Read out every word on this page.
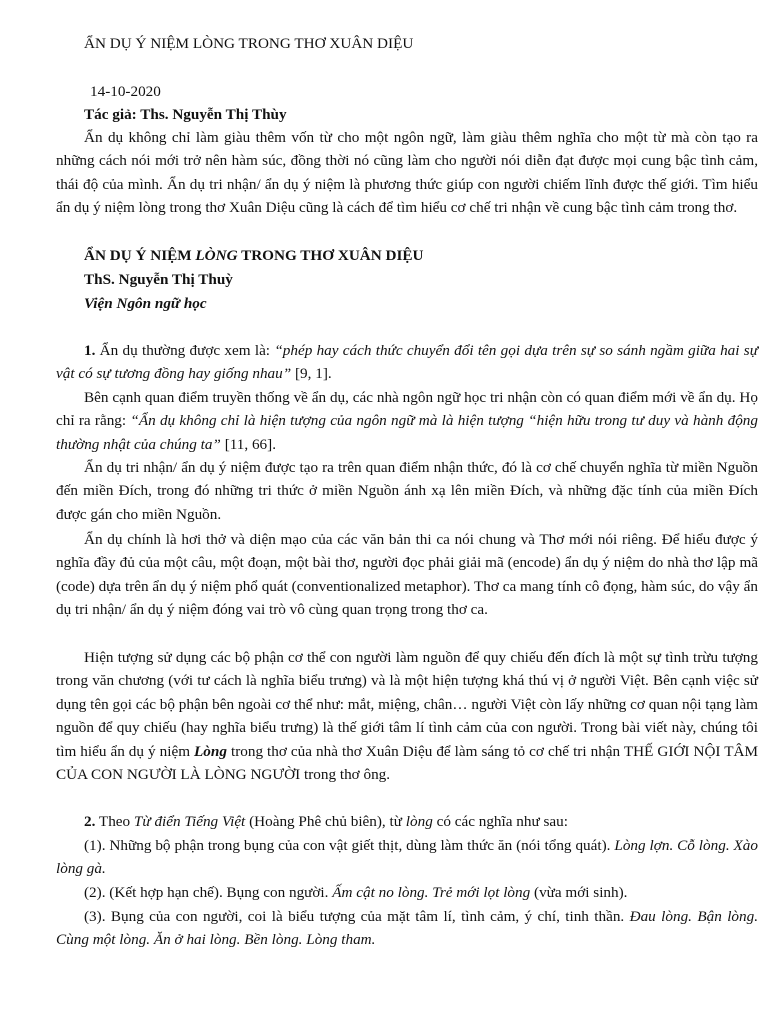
ẨN DỤ Ý NIỆM LÒNG TRONG THƠ XUÂN DIỆU

14-10-2020

Tác giả: Ths. Nguyễn Thị Thùy

Ẩn dụ không chỉ làm giàu thêm vốn từ cho một ngôn ngữ, làm giàu thêm nghĩa cho một từ mà còn tạo ra những cách nói mới trở nên hàm súc, đồng thời nó cũng làm cho người nói diễn đạt được mọi cung bậc tình cảm, thái độ của mình. Ẩn dụ tri nhận/ ẩn dụ ý niệm là phương thức giúp con người chiếm lĩnh được thế giới. Tìm hiểu ẩn dụ ý niệm lòng trong thơ Xuân Diệu cũng là cách để tìm hiểu cơ chế tri nhận về cung bậc tình cảm trong thơ.

ẨN DỤ Ý NIỆM LÒNG TRONG THƠ XUÂN DIỆU

ThS. Nguyễn Thị Thuỳ

Viện Ngôn ngữ học

1. Ẩn dụ thường được xem là: “phép hay cách thức chuyển đổi tên gọi dựa trên sự so sánh ngầm giữa hai sự vật có sự tương đồng hay giống nhau” [9, 1].

Bên cạnh quan điểm truyền thống về ẩn dụ, các nhà ngôn ngữ học tri nhận còn có quan điểm mới về ẩn dụ. Họ chỉ ra rằng: “Ẩn dụ không chỉ là hiện tượng của ngôn ngữ mà là hiện tượng “hiện hữu trong tư duy và hành động thường nhật của chúng ta” [11, 66].

Ẩn dụ tri nhận/ ẩn dụ ý niệm được tạo ra trên quan điểm nhận thức, đó là cơ chế chuyển nghĩa từ miền Nguồn đến miền Đích, trong đó những tri thức ở miền Nguồn ánh xạ lên miền Đích, và những đặc tính của miền Đích được gán cho miền Nguồn.

Ẩn dụ chính là hơi thở và diện mạo của các văn bản thi ca nói chung và Thơ mới nói riêng. Để hiểu được ý nghĩa đầy đủ của một câu, một đoạn, một bài thơ, người đọc phải giải mã (encode) ẩn dụ ý niệm do nhà thơ lập mã (code) dựa trên ẩn dụ ý niệm phổ quát (conventionalized metaphor). Thơ ca mang tính cô đọng, hàm súc, do vậy ẩn dụ tri nhận/ ẩn dụ ý niệm đóng vai trò vô cùng quan trọng trong thơ ca.

Hiện tượng sử dụng các bộ phận cơ thể con người làm nguồn để quy chiếu đến đích là một sự tình trừu tượng trong văn chương (với tư cách là nghĩa biểu trưng) và là một hiện tượng khá thú vị ở người Việt. Bên cạnh việc sử dụng tên gọi các bộ phận bên ngoài cơ thể như: mắt, miệng, chân… người Việt còn lấy những cơ quan nội tạng làm nguồn để quy chiếu (hay nghĩa biểu trưng) là thế giới tâm lí tình cảm của con người. Trong bài viết này, chúng tôi tìm hiểu ẩn dụ ý niệm Lòng trong thơ của nhà thơ Xuân Diệu để làm sáng tỏ cơ chế tri nhận THẾ GIỚI NỘI TÂM CỦA CON NGƯỜI LÀ LÒNG NGƯỜI trong thơ ông.

2. Theo Từ điển Tiếng Việt (Hoàng Phê chủ biên), từ lòng có các nghĩa như sau:

(1). Những bộ phận trong bụng của con vật giết thịt, dùng làm thức ăn (nói tổng quát). Lòng lợn. Cỗ lòng. Xào lòng gà.

(2). (Kết hợp hạn chế). Bụng con người. Ấm cật no lòng. Trẻ mới lọt lòng (vừa mới sinh).

(3). Bụng của con người, coi là biểu tượng của mặt tâm lí, tình cảm, ý chí, tinh thần. Đau lòng. Bận lòng. Cùng một lòng. Ăn ở hai lòng. Bền lòng. Lòng tham.
